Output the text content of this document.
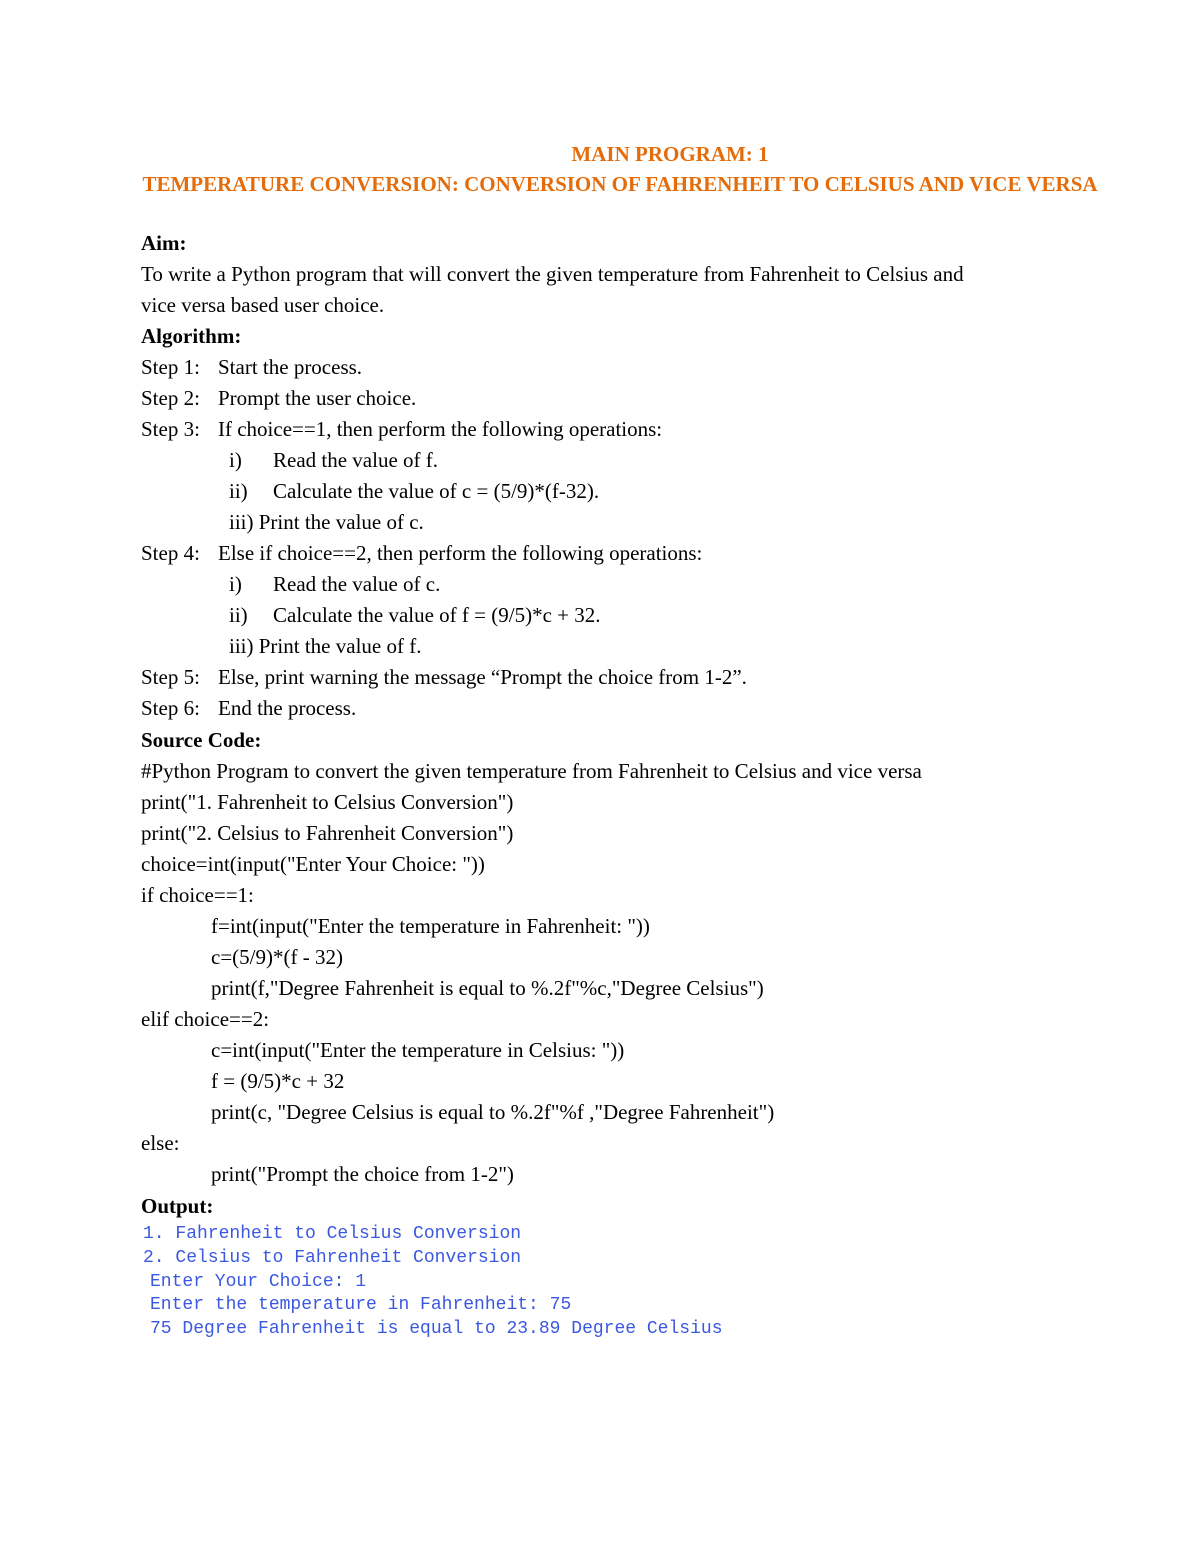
MAIN PROGRAM: 1
TEMPERATURE CONVERSION: CONVERSION OF FAHRENHEIT TO CELSIUS AND VICE VERSA
Aim:
To write a Python program that will convert the given temperature from Fahrenheit to Celsius and
vice versa based user choice.
Algorithm:
Step 1: Start the process.
Step 2: Prompt the user choice.
Step 3: If choice==1, then perform the following operations:
i) Read the value of f.
ii) Calculate the value of c = (5/9)*(f-32).
iii) Print the value of c.
Step 4: Else if choice==2, then perform the following operations:
i) Read the value of c.
ii) Calculate the value of f = (9/5)*c + 32.
iii) Print the value of f.
Step 5: Else, print warning the message “Prompt the choice from 1-2”.
Step 6: End the process.
Source Code:
#Python Program to convert the given temperature from Fahrenheit to Celsius and vice versa
print("1. Fahrenheit to Celsius Conversion")
print("2. Celsius to Fahrenheit Conversion")
choice=int(input("Enter Your Choice: "))
if choice==1:
f=int(input("Enter the temperature in Fahrenheit: "))
c=(5/9)*(f - 32)
print(f,"Degree Fahrenheit is equal to %.2f"%c,"Degree Celsius")
elif choice==2:
c=int(input("Enter the temperature in Celsius: "))
f = (9/5)*c + 32
print(c, "Degree Celsius is equal to %.2f"%f ,"Degree Fahrenheit")
else:
print("Prompt the choice from 1-2")
Output:
1. Fahrenheit to Celsius Conversion
2. Celsius to Fahrenheit Conversion
Enter Your Choice: 1
Enter the temperature in Fahrenheit: 75
75 Degree Fahrenheit is equal to 23.89 Degree Celsius
